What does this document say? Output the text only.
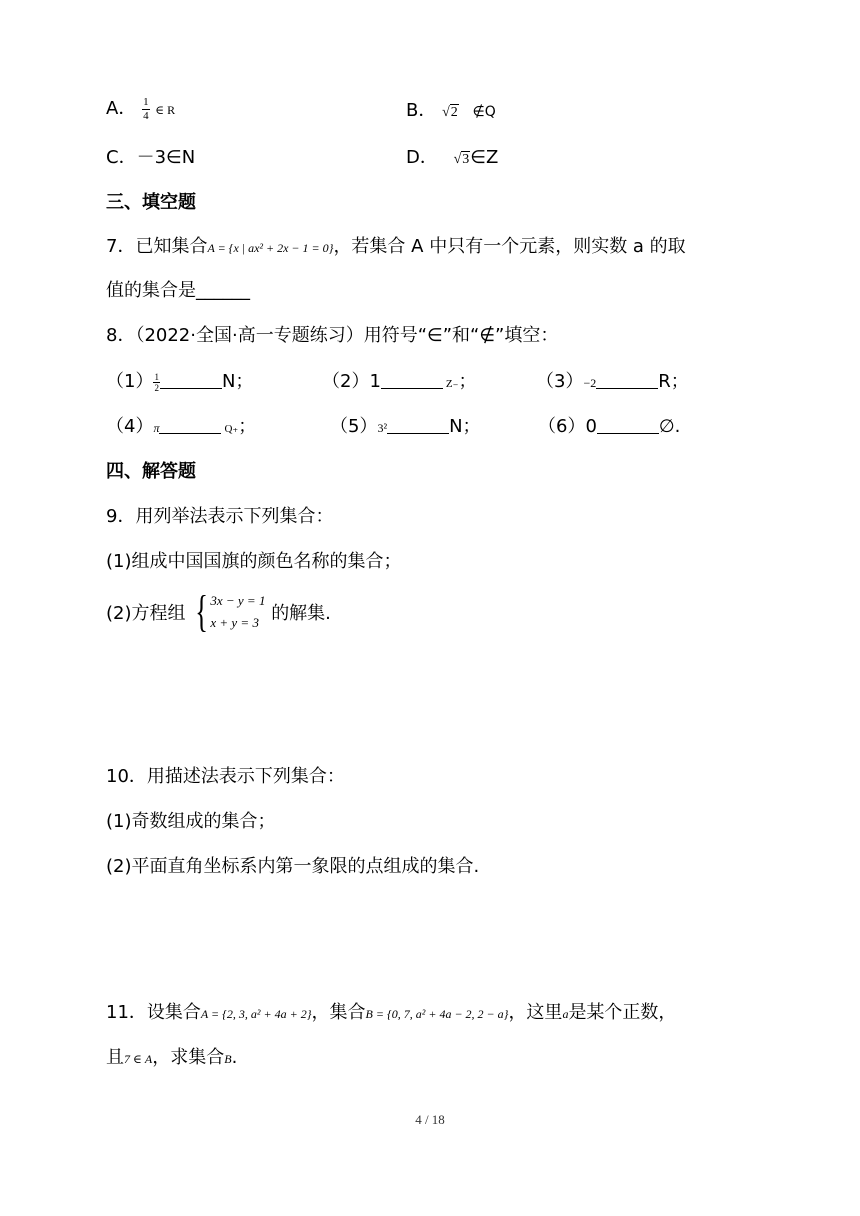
A． $\frac{1}{4}$ ∈ R	B． √2 ∉Q
C．－3∈N	D． √3∈Z
三、填空题
7．已知集合A = {x | ax² + 2x − 1 = 0}，若集合 A 中只有一个元素，则实数 a 的取
值的集合是______
8．（2022·全国·高一专题练习）用符号“∈”和“∉”填空：
$(1) \frac{1}{2}$	N；	（2）1	Z₋；	（3）−2	R；
（4）π	Q₊；	（5）3²	N；	（6）0	∅.
四、解答题
9．用列举法表示下列集合：
(1)组成中国国旗的颜色名称的集合；
(2)方程组 { 3x − y = 1
x + y = 3 的解集.
10．用描述法表示下列集合：
(1)奇数组成的集合；
(2)平面直角坐标系内第一象限的点组成的集合.
11．设集合A = {2, 3, a² + 4a + 2}，集合B = {0, 7, a² + 4a − 2, 2 − a}，这里a是某个正数，
且7 ∈ A，求集合B.
4 / 18
